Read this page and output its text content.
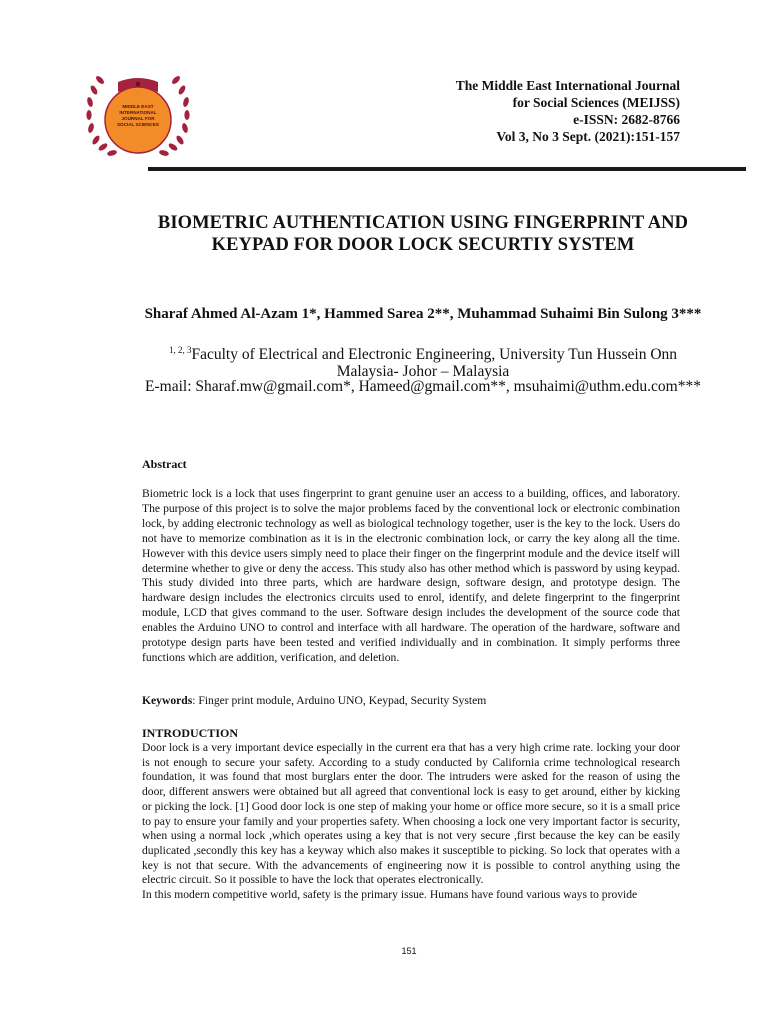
MIDDLE EAST INTERNATIONAL JOURNAL FOR SOCIAL SCIENCES
The Middle East International Journal
for Social Sciences (MEIJSS)
e-ISSN: 2682-8766
Vol 3, No 3 Sept. (2021):151-157
BIOMETRIC AUTHENTICATION USING FINGERPRINT AND KEYPAD FOR DOOR LOCK SECURTIY SYSTEM
Sharaf Ahmed Al-Azam 1*, Hammed Sarea 2**, Muhammad Suhaimi Bin Sulong 3***
$^{1, 2, 3}$Faculty of Electrical and Electronic Engineering, University Tun Hussein Onn Malaysia- Johor – Malaysia
E-mail: Sharaf.mw@gmail.com*, Hameed@gmail.com**, msuhaimi@uthm.edu.com***
Abstract
Biometric lock is a lock that uses fingerprint to grant genuine user an access to a building, offices, and laboratory. The purpose of this project is to solve the major problems faced by the conventional lock or electronic combination lock, by adding electronic technology as well as biological technology together, user is the key to the lock. Users do not have to memorize combination as it is in the electronic combination lock, or carry the key along all the time. However with this device users simply need to place their finger on the fingerprint module and the device itself will determine whether to give or deny the access. This study also has other method which is password by using keypad. This study divided into three parts, which are hardware design, software design, and prototype design. The hardware design includes the electronics circuits used to enrol, identify, and delete fingerprint to the fingerprint module, LCD that gives command to the user. Software design includes the development of the source code that enables the Arduino UNO to control and interface with all hardware. The operation of the hardware, software and prototype design parts have been tested and verified individually and in combination. It simply performs three functions which are addition, verification, and deletion.
Keywords: Finger print module, Arduino UNO, Keypad, Security System
INTRODUCTION

Door lock is a very important device especially in the current era that has a very high crime rate. locking your door is not enough to secure your safety. According to a study conducted by California crime technological research foundation, it was found that most burglars enter the door. The intruders were asked for the reason of using the door, different answers were obtained but all agreed that conventional lock is easy to get around, either by kicking or picking the lock. [1] Good door lock is one step of making your home or office more secure, so it is a small price to pay to ensure your family and your properties safety. When choosing a lock one very important factor is security, when using a normal lock ,which operates using a key that is not very secure ,first because the key can be easily duplicated ,secondly this key has a keyway which also makes it susceptible to picking. So lock that operates with a key is not that secure. With the advancements of engineering now it is possible to control anything using the electric circuit. So it possible to have the lock that operates electronically.

In this modern competitive world, safety is the primary issue. Humans have found various ways to provide

151
